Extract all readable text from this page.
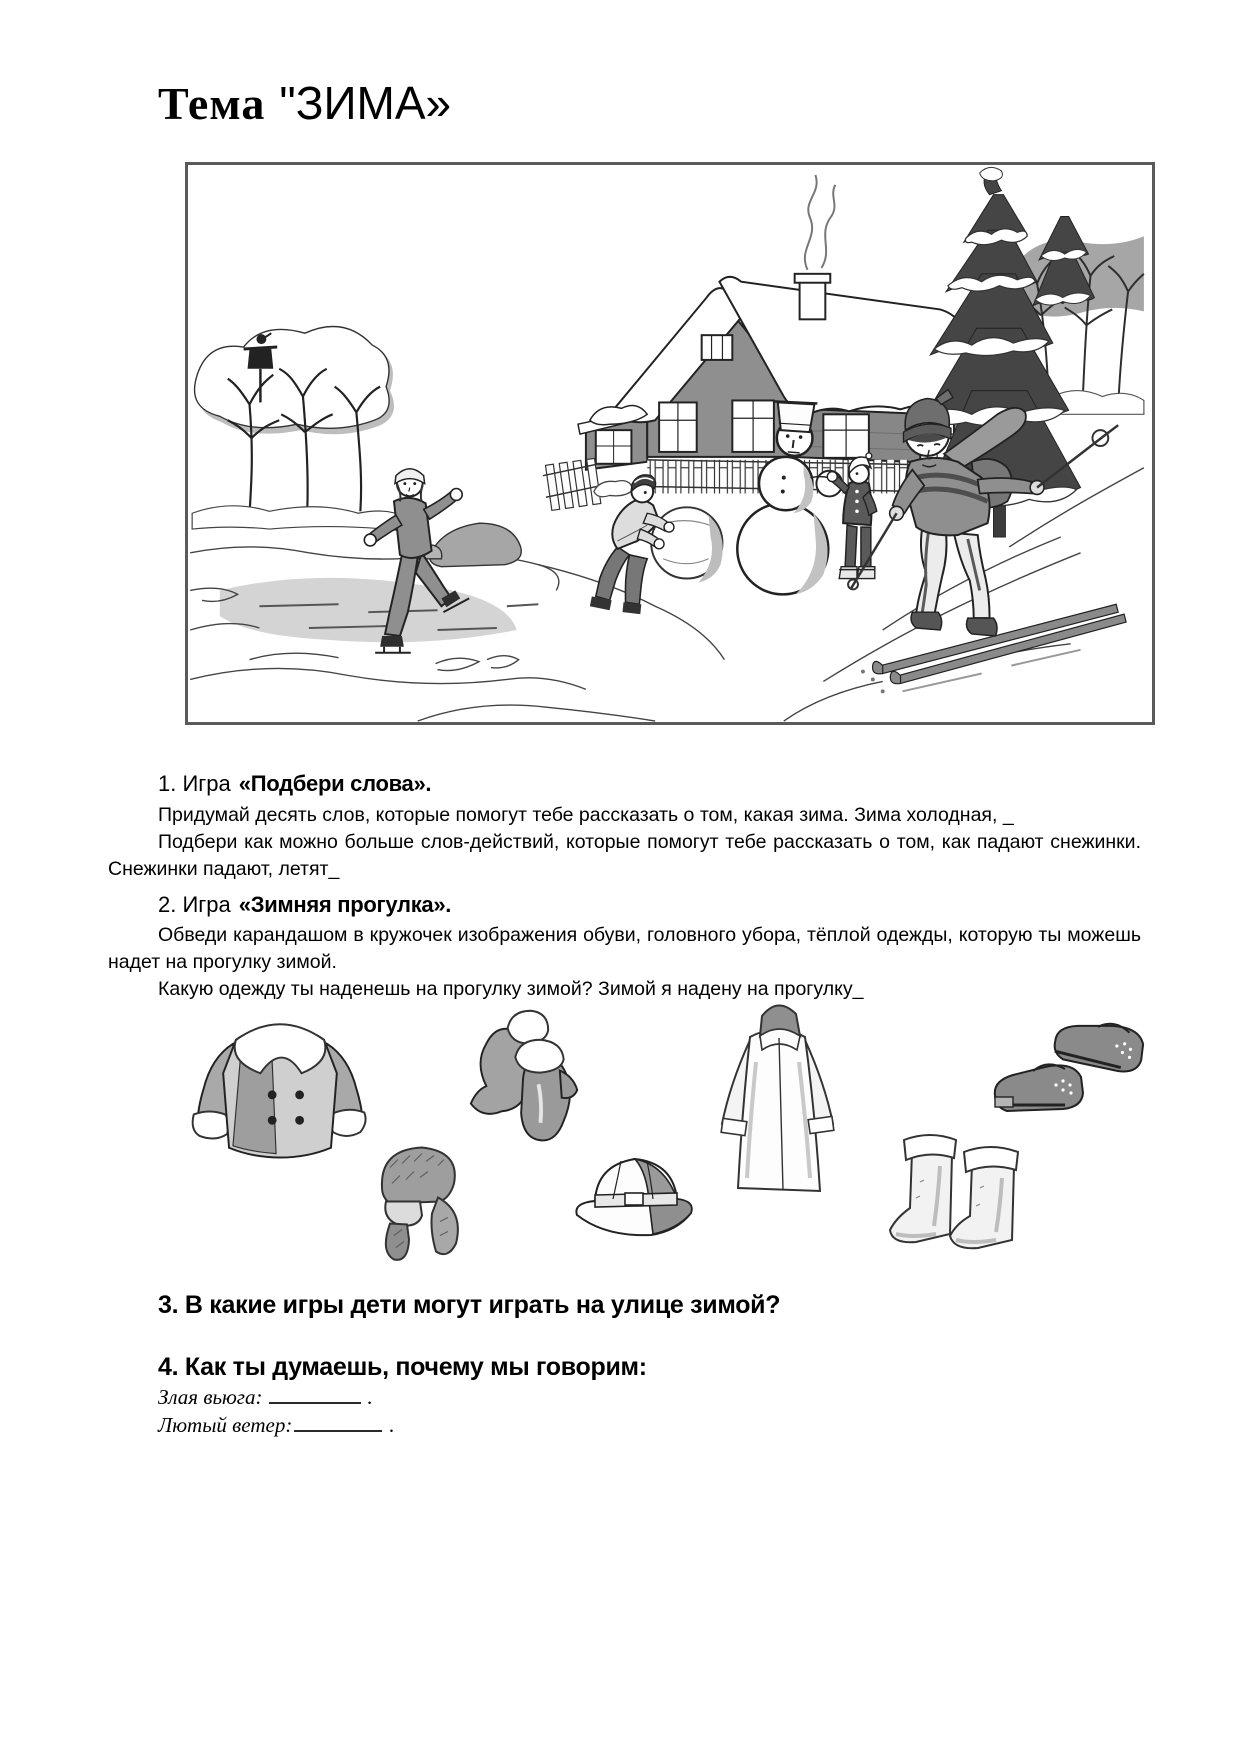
Тема "ЗИМА»
1. Игра «Подбери слова».
Придумай десять слов, которые помогут тебе рассказать о том, какая зима. Зима холодная, _
Подбери как можно больше слов-действий, которые помогут тебе рассказать о том, как падают снежинки.
Снежинки падают, летят_
2. Игра «Зимняя прогулка».
Обведи карандашом в кружочек изображения обуви, головного убора, тёплой одежды, которую ты можешь
надет на прогулку зимой.
Какую одежду ты наденешь на прогулку зимой? Зимой я надену на прогулку_
3. В какие игры дети могут играть на улице зимой?
4. Как ты думаешь, почему мы говорим:
Злая вьюга:	.
Лютый ветер:	.
